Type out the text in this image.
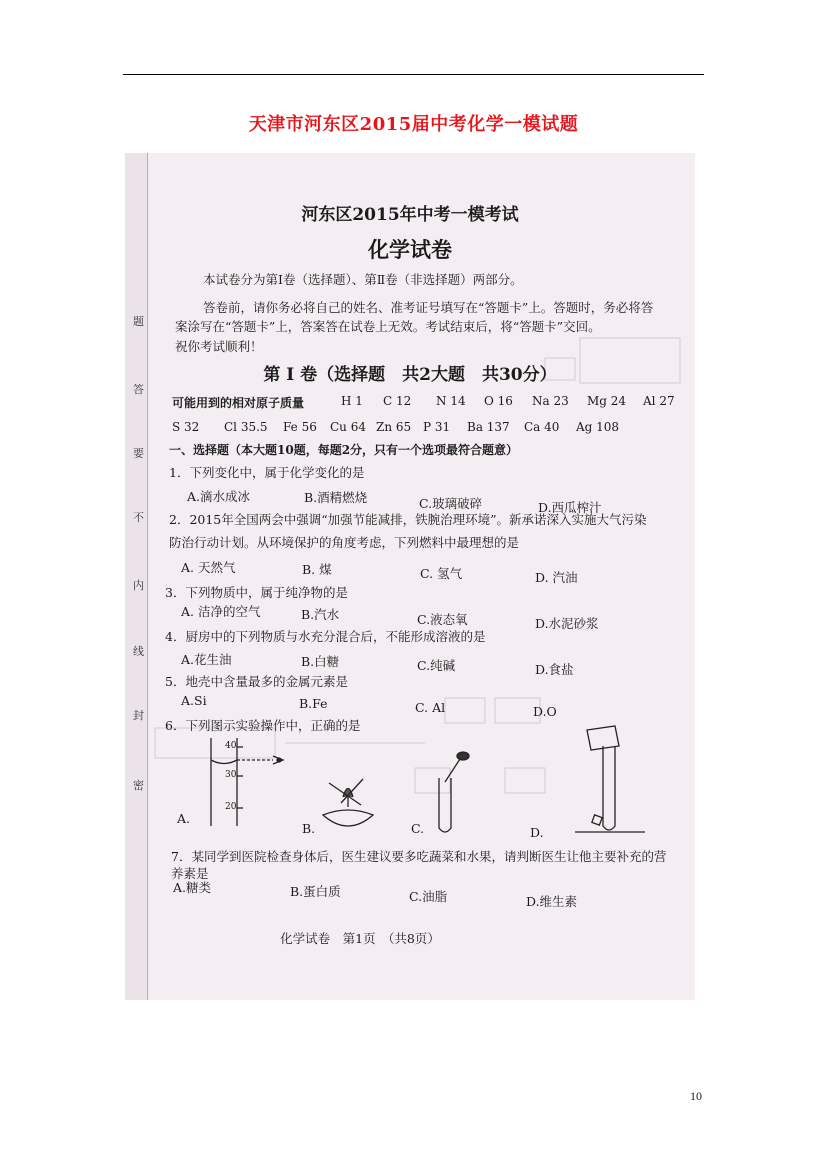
天津市河东区2015届中考化学一模试题
题
答
要
不
内
线
封
密
河东区2015年中考一模考试
化学试卷
本试卷分为第Ⅰ卷（选择题）、第Ⅱ卷（非选择题）两部分。
答卷前，请你务必将自己的姓名、准考证号填写在“答题卡”上。答题时，务必将答
案涂写在“答题卡”上，答案答在试卷上无效。考试结束后，将“答题卡”交回。
祝你考试顺利！
第 Ⅰ 卷（选择题　共2大题　共30分）
可能用到的相对原子质量	H 1 C 12 N 14 O 16 Na 23 Mg 24 Al 27
S 32 Cl 35.5 Fe 56 Cu 64 Zn 65 P 31 Ba 137 Ca 40 Ag 108
一、选择题（本大题10题，每题2分，只有一个选项最符合题意）
1．下列变化中，属于化学变化的是
A.滴水成冰	B.酒精燃烧	C.玻璃破碎	D.西瓜榨汁
2．2015年全国两会中强调“加强节能减排，铁腕治理环境”。新承诺深入实施大气污染
防治行动计划。从环境保护的角度考虑，下列燃料中最理想的是
A. 天然气	B. 煤	C. 氢气	D. 汽油
3．下列物质中，属于纯净物的是
A. 洁净的空气	B.汽水	C.液态氧	D.水泥砂浆
4．厨房中的下列物质与水充分混合后，不能形成溶液的是
A.花生油	B.白糖	C.纯碱	D.食盐
5．地壳中含量最多的金属元素是
A.Si	B.Fe	C. Al	D.O
6．下列图示实验操作中，正确的是
40
30
20
A.
B.	C.	D.
7．某同学到医院检查身体后，医生建议要多吃蔬菜和水果，请判断医生让他主要补充的营
养素是
A.糖类	B.蛋白质	C.油脂	D.维生素
化学试卷　第1页　（共8页）
10
